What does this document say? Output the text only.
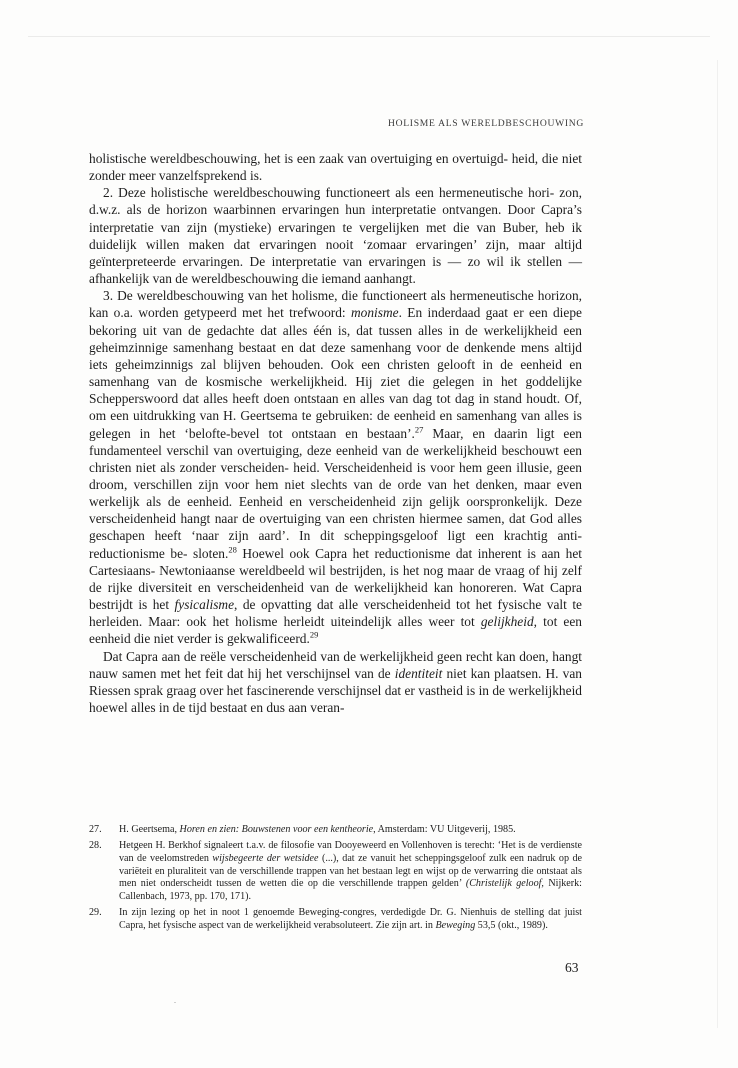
HOLISME ALS WERELDBESCHOUWING

holistische wereldbeschouwing, het is een zaak van overtuiging en overtuigd- heid, die niet zonder meer vanzelfsprekend is.

2. Deze holistische wereldbeschouwing functioneert als een hermeneutische hori- zon, d.w.z. als de horizon waarbinnen ervaringen hun interpretatie ontvangen. Door Capra’s interpretatie van zijn (mystieke) ervaringen te vergelijken met die van Buber, heb ik duidelijk willen maken dat ervaringen nooit ‘zomaar ervaringen’ zijn, maar altijd geïnterpreteerde ervaringen. De interpretatie van ervaringen is — zo wil ik stellen — afhankelijk van de wereldbeschouwing die iemand aanhangt.

3. De wereldbeschouwing van het holisme, die functioneert als hermeneutische horizon, kan o.a. worden getypeerd met het trefwoord: monisme. En inderdaad gaat er een diepe bekoring uit van de gedachte dat alles één is, dat tussen alles in de werkelijkheid een geheimzinnige samenhang bestaat en dat deze samenhang voor de denkende mens altijd iets geheimzinnigs zal blijven behouden. Ook een christen gelooft in de eenheid en samenhang van de kosmische werkelijkheid. Hij ziet die gelegen in het goddelijke Schepperswoord dat alles heeft doen ontstaan en alles van dag tot dag in stand houdt. Of, om een uitdrukking van H. Geertsema te gebruiken: de eenheid en samenhang van alles is gelegen in het ‘belofte-bevel tot ontstaan en bestaan’.$^{27}$ Maar, en daarin ligt een fundamenteel verschil van overtuiging, deze eenheid van de werkelijkheid beschouwt een christen niet als zonder verscheiden- heid. Verscheidenheid is voor hem geen illusie, geen droom, verschillen zijn voor hem niet slechts van de orde van het denken, maar even werkelijk als de eenheid. Eenheid en verscheidenheid zijn gelijk oorspronkelijk. Deze verscheidenheid hangt naar de overtuiging van een christen hiermee samen, dat God alles geschapen heeft ‘naar zijn aard’. In dit scheppingsgeloof ligt een krachtig anti-reductionisme be- sloten.$^{28}$ Hoewel ook Capra het reductionisme dat inherent is aan het Cartesiaans- Newtoniaanse wereldbeeld wil bestrijden, is het nog maar de vraag of hij zelf de rijke diversiteit en verscheidenheid van de werkelijkheid kan honoreren. Wat Capra bestrijdt is het fysicalisme, de opvatting dat alle verscheidenheid tot het fysische valt te herleiden. Maar: ook het holisme herleidt uiteindelijk alles weer tot gelijkheid, tot een eenheid die niet verder is gekwalificeerd.$^{29}$

Dat Capra aan de reële verscheidenheid van de werkelijkheid geen recht kan doen, hangt nauw samen met het feit dat hij het verschijnsel van de identiteit niet kan plaatsen. H. van Riessen sprak graag over het fascinerende verschijnsel dat er vastheid is in de werkelijkheid hoewel alles in de tijd bestaat en dus aan veran-

27. H. Geertsema, Horen en zien: Bouwstenen voor een kentheorie, Amsterdam: VU Uitgeverij, 1985.
28. Hetgeen H. Berkhof signaleert t.a.v. de filosofie van Dooyeweerd en Vollenhoven is terecht: ‘Het is de verdienste van de veelomstreden wijsbegeerte der wetsidee (...), dat ze vanuit het scheppingsgeloof zulk een nadruk op de variëteit en pluraliteit van de verschillende trappen van het bestaan legt en wijst op de verwarring die ontstaat als men niet onderscheidt tussen de wetten die op die verschillende trappen gelden’ (Christelijk geloof, Nijkerk: Callenbach, 1973, pp. 170, 171).
29. In zijn lezing op het in noot 1 genoemde Beweging-congres, verdedigde Dr. G. Nienhuis de stelling dat juist Capra, het fysische aspect van de werkelijkheid verabsoluteert. Zie zijn art. in Beweging 53,5 (okt., 1989).
63
